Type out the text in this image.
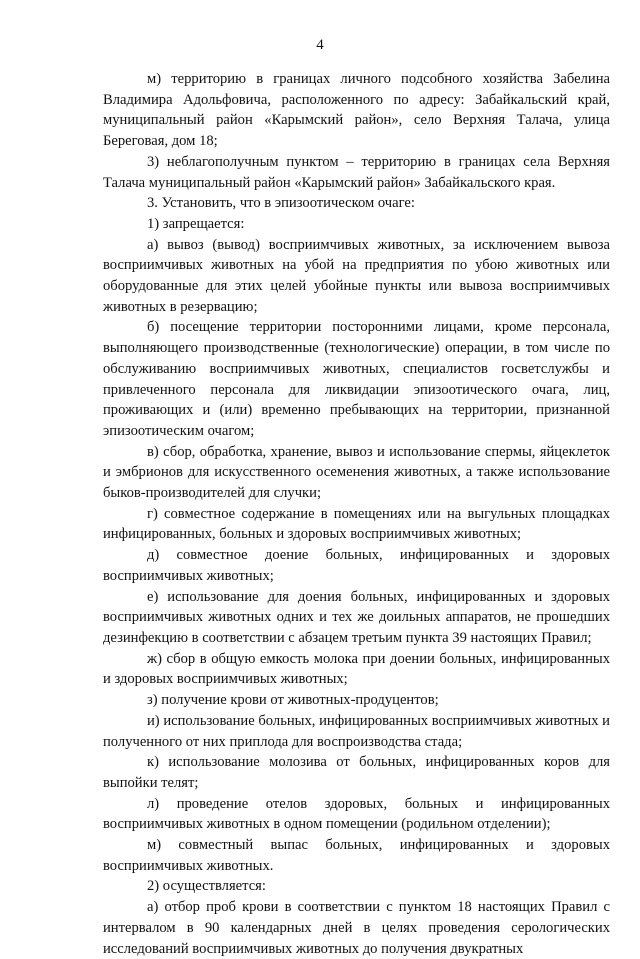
4

м) территорию в границах личного подсобного хозяйства Забелина Владимира Адольфовича, расположенного по адресу: Забайкальский край, муниципальный район «Карымский район», село Верхняя Талача, улица Береговая, дом 18;

3) неблагополучным пунктом – территорию в границах села Верхняя Талача муниципальный район «Карымский район» Забайкальского края.

3. Установить, что в эпизоотическом очаге:

1) запрещается:

а) вывоз (вывод) восприимчивых животных, за исключением вывоза восприимчивых животных на убой на предприятия по убою животных или оборудованные для этих целей убойные пункты или вывоза восприимчивых животных в резервацию;

б) посещение территории посторонними лицами, кроме персонала, выполняющего производственные (технологические) операции, в том числе по обслуживанию восприимчивых животных, специалистов госветслужбы и привлеченного персонала для ликвидации эпизоотического очага, лиц, проживающих и (или) временно пребывающих на территории, признанной эпизоотическим очагом;

в) сбор, обработка, хранение, вывоз и использование спермы, яйцеклеток и эмбрионов для искусственного осеменения животных, а также использование быков-производителей для случки;

г) совместное содержание в помещениях или на выгульных площадках инфицированных, больных и здоровых восприимчивых животных;

д) совместное доение больных, инфицированных и здоровых восприимчивых животных;

е) использование для доения больных, инфицированных и здоровых восприимчивых животных одних и тех же доильных аппаратов, не прошедших дезинфекцию в соответствии с абзацем третьим пункта 39 настоящих Правил;

ж) сбор в общую емкость молока при доении больных, инфицированных и здоровых восприимчивых животных;

з) получение крови от животных-продуцентов;

и) использование больных, инфицированных восприимчивых животных и полученного от них приплода для воспроизводства стада;

к) использование молозива от больных, инфицированных коров для выпойки телят;

л) проведение отелов здоровых, больных и инфицированных восприимчивых животных в одном помещении (родильном отделении);

м) совместный выпас больных, инфицированных и здоровых восприимчивых животных.

2) осуществляется:

а) отбор проб крови в соответствии с пунктом 18 настоящих Правил с интервалом в 90 календарных дней в целях проведения серологических исследований восприимчивых животных до получения двукратных
